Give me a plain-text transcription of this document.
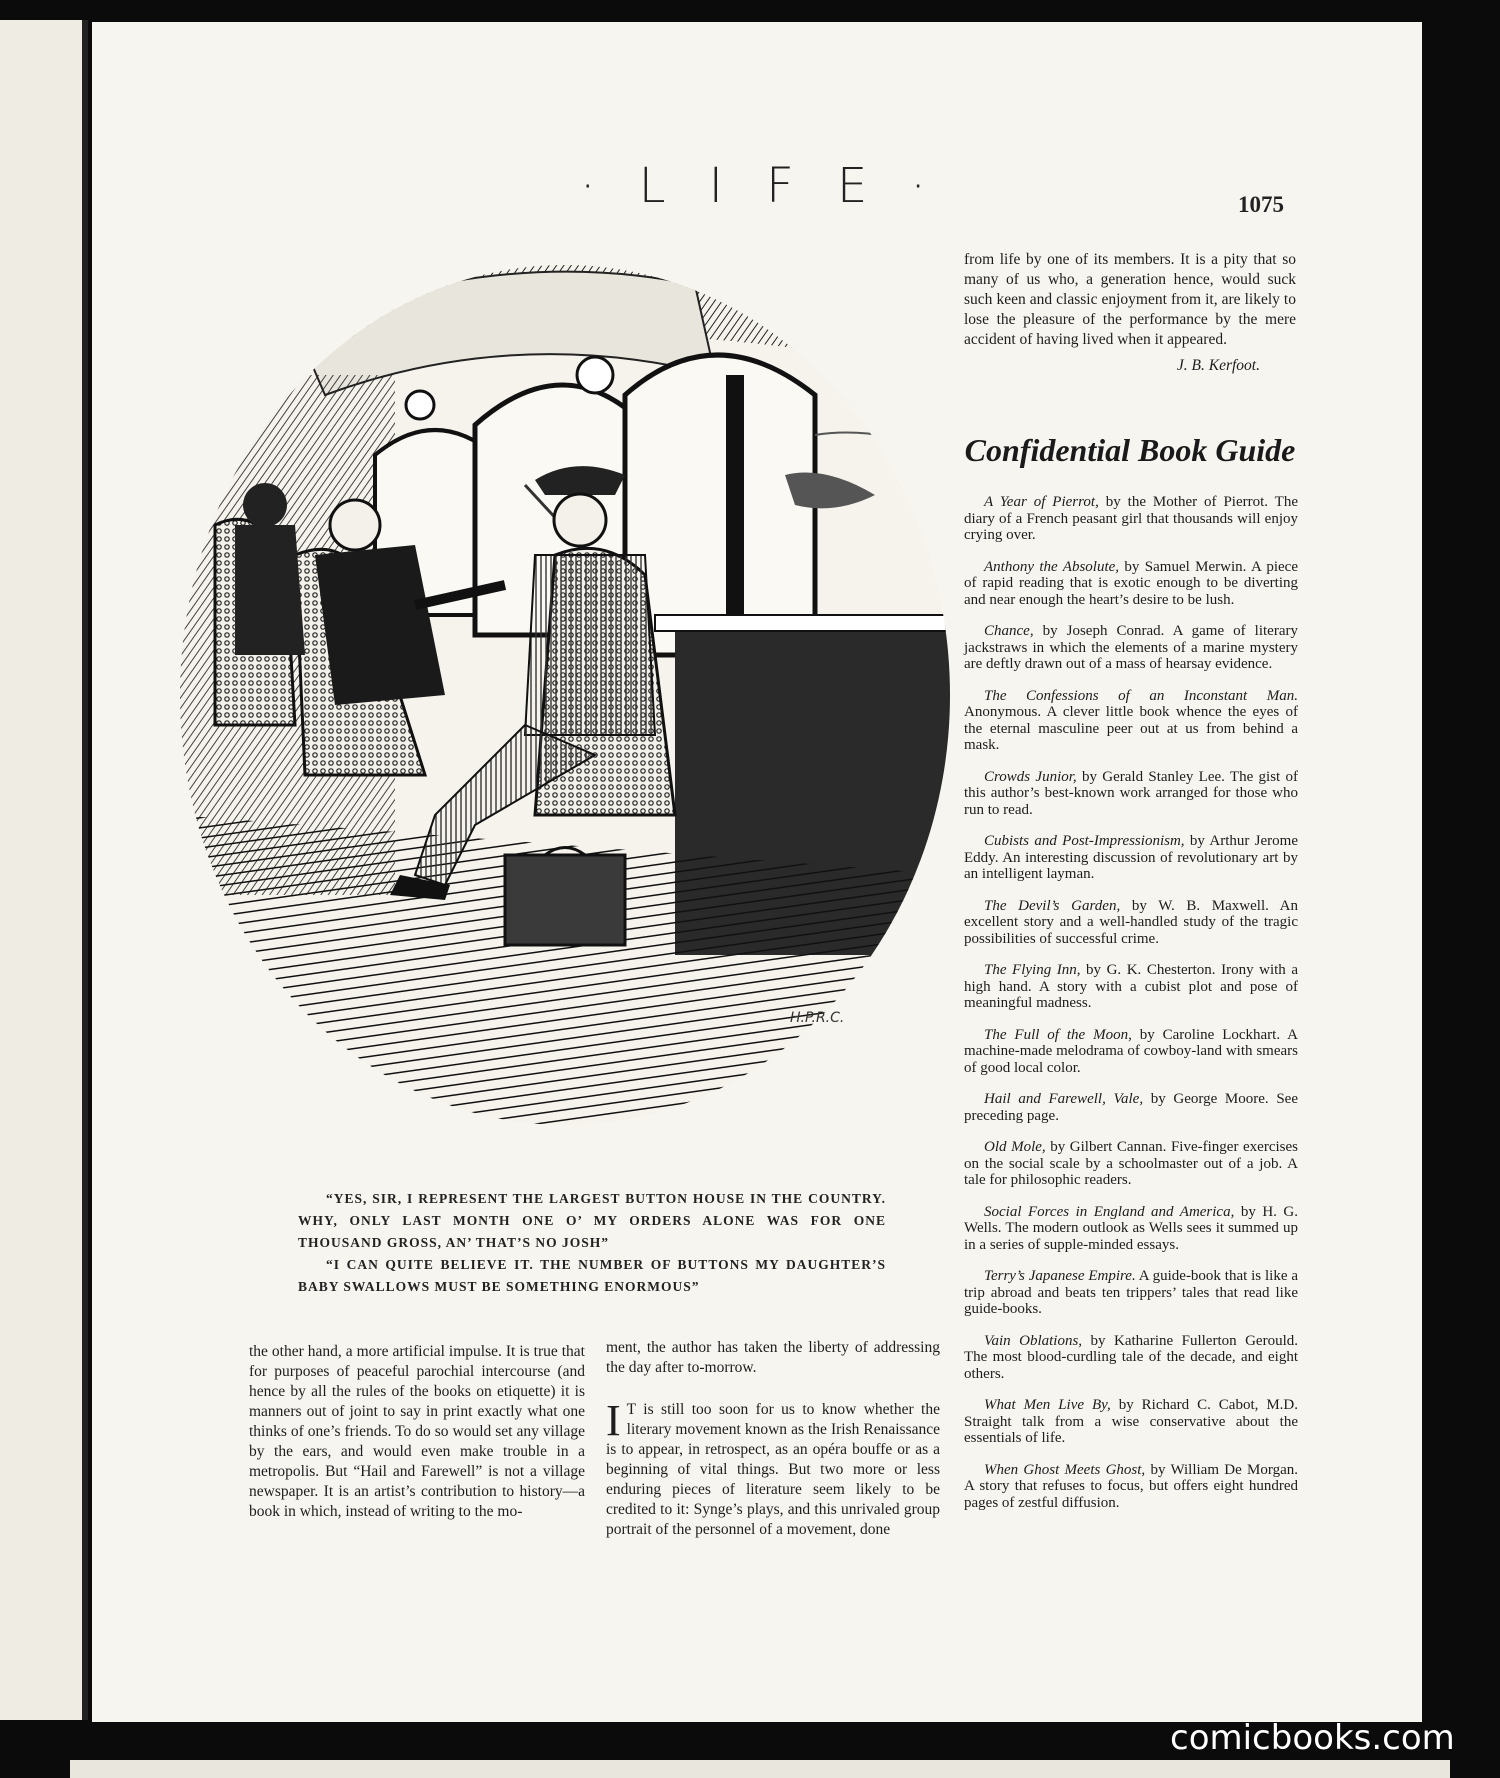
· L I F E ·	1075
H.P.R.C.

“YES, SIR, I REPRESENT THE LARGEST BUTTON HOUSE IN THE COUNTRY. WHY, ONLY LAST MONTH ONE O’ MY ORDERS ALONE WAS FOR ONE THOUSAND GROSS, AN’ THAT’S NO JOSH”

“I CAN QUITE BELIEVE IT. THE NUMBER OF BUTTONS MY DAUGHTER’S BABY SWALLOWS MUST BE SOMETHING ENORMOUS”

the other hand, a more artificial impulse. It is true that for purposes of peaceful parochial intercourse (and hence by all the rules of the books on etiquette) it is manners out of joint to say in print exactly what one thinks of one’s friends. To do so would set any village by the ears, and would even make trouble in a metropolis. But “Hail and Farewell” is not a village newspaper. It is an artist’s contribution to history—a book in which, instead of writing to the mo-

ment, the author has taken the liberty of addressing the day after to-morrow.

I T is still too soon for us to know whether the literary movement known as the Irish Renaissance is to appear, in retrospect, as an opéra bouffe or as a beginning of vital things. But two more or less enduring pieces of literature seem likely to be credited to it: Synge’s plays, and this unrivaled group portrait of the personnel of a movement, done

from life by one of its members. It is a pity that so many of us who, a generation hence, would suck such keen and classic enjoyment from it, are likely to lose the pleasure of the performance by the mere accident of having lived when it appeared.

J. B. Kerfoot.

Confidential Book Guide

A Year of Pierrot, by the Mother of Pierrot. The diary of a French peasant girl that thousands will enjoy crying over.

Anthony the Absolute, by Samuel Merwin. A piece of rapid reading that is exotic enough to be diverting and near enough the heart’s desire to be lush.

Chance, by Joseph Conrad. A game of literary jackstraws in which the elements of a marine mystery are deftly drawn out of a mass of hearsay evidence.

The Confessions of an Inconstant Man. Anonymous. A clever little book whence the eyes of the eternal masculine peer out at us from behind a mask.

Crowds Junior, by Gerald Stanley Lee. The gist of this author’s best-known work arranged for those who run to read.

Cubists and Post-Impressionism, by Arthur Jerome Eddy. An interesting discussion of revolutionary art by an intelligent layman.

The Devil’s Garden, by W. B. Maxwell. An excellent story and a well-handled study of the tragic possibilities of successful crime.

The Flying Inn, by G. K. Chesterton. Irony with a high hand. A story with a cubist plot and pose of meaningful madness.

The Full of the Moon, by Caroline Lockhart. A machine-made melodrama of cowboy-land with smears of good local color.

Hail and Farewell, Vale, by George Moore. See preceding page.

Old Mole, by Gilbert Cannan. Five-finger exercises on the social scale by a schoolmaster out of a job. A tale for philosophic readers.

Social Forces in England and America, by H. G. Wells. The modern outlook as Wells sees it summed up in a series of supple-minded essays.

Terry’s Japanese Empire. A guide-book that is like a trip abroad and beats ten trippers’ tales that read like guide-books.

Vain Oblations, by Katharine Fullerton Gerould. The most blood-curdling tale of the decade, and eight others.

What Men Live By, by Richard C. Cabot, M.D. Straight talk from a wise conservative about the essentials of life.

When Ghost Meets Ghost, by William De Morgan. A story that refuses to focus, but offers eight hundred pages of zestful diffusion.

comicbooks.com
